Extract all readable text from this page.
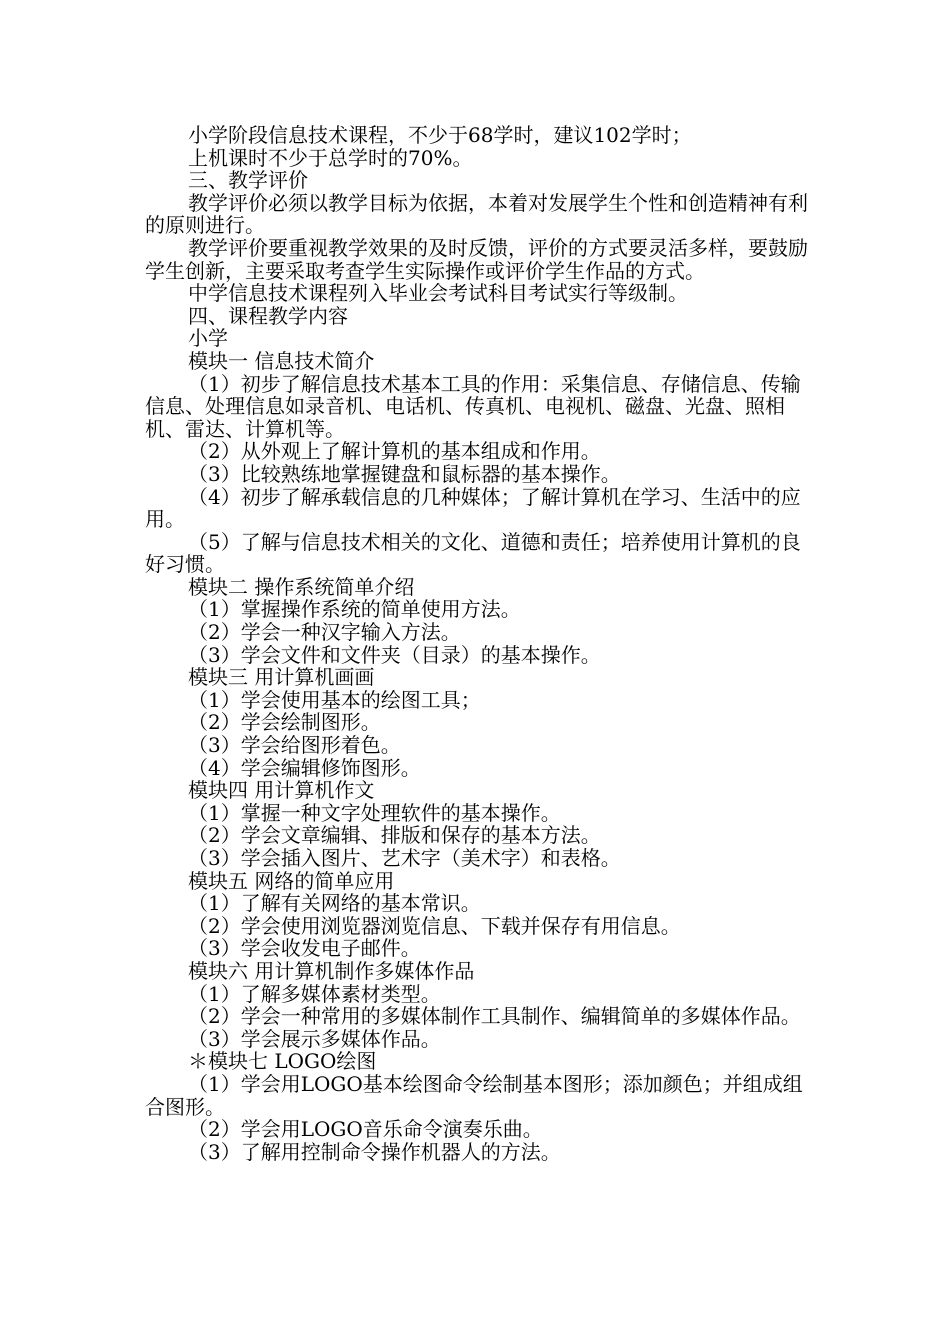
小学阶段信息技术课程，不少于68学时，建议102学时；

上机课时不少于总学时的70%。

三、教学评价

教学评价必须以教学目标为依据，本着对发展学生个性和创造精神有利的原则进行。

教学评价要重视教学效果的及时反馈，评价的方式要灵活多样，要鼓励学生创新，主要采取考查学生实际操作或评价学生作品的方式。

中学信息技术课程列入毕业会考试科目考试实行等级制。

四、课程教学内容

小学

模块一 信息技术简介

（1）初步了解信息技术基本工具的作用：采集信息、存储信息、传输信息、处理信息如录音机、电话机、传真机、电视机、磁盘、光盘、照相机、雷达、计算机等。

（2）从外观上了解计算机的基本组成和作用。

（3）比较熟练地掌握键盘和鼠标器的基本操作。

（4）初步了解承载信息的几种媒体；了解计算机在学习、生活中的应用。

（5）了解与信息技术相关的文化、道德和责任；培养使用计算机的良好习惯。

模块二 操作系统简单介绍

（1）掌握操作系统的简单使用方法。

（2）学会一种汉字输入方法。

（3）学会文件和文件夹（目录）的基本操作。

模块三 用计算机画画

（1）学会使用基本的绘图工具；

（2）学会绘制图形。

（3）学会给图形着色。

（4）学会编辑修饰图形。

模块四 用计算机作文

（1）掌握一种文字处理软件的基本操作。

（2）学会文章编辑、排版和保存的基本方法。

（3）学会插入图片、艺术字（美术字）和表格。

模块五 网络的简单应用

（1）了解有关网络的基本常识。

（2）学会使用浏览器浏览信息、下载并保存有用信息。

（3）学会收发电子邮件。

模块六 用计算机制作多媒体作品

（1）了解多媒体素材类型。

（2）学会一种常用的多媒体制作工具制作、编辑简单的多媒体作品。

（3）学会展示多媒体作品。

＊模块七 LOGO绘图

（1）学会用LOGO基本绘图命令绘制基本图形；添加颜色；并组成组合图形。

（2）学会用LOGO音乐命令演奏乐曲。

（3）了解用控制命令操作机器人的方法。
